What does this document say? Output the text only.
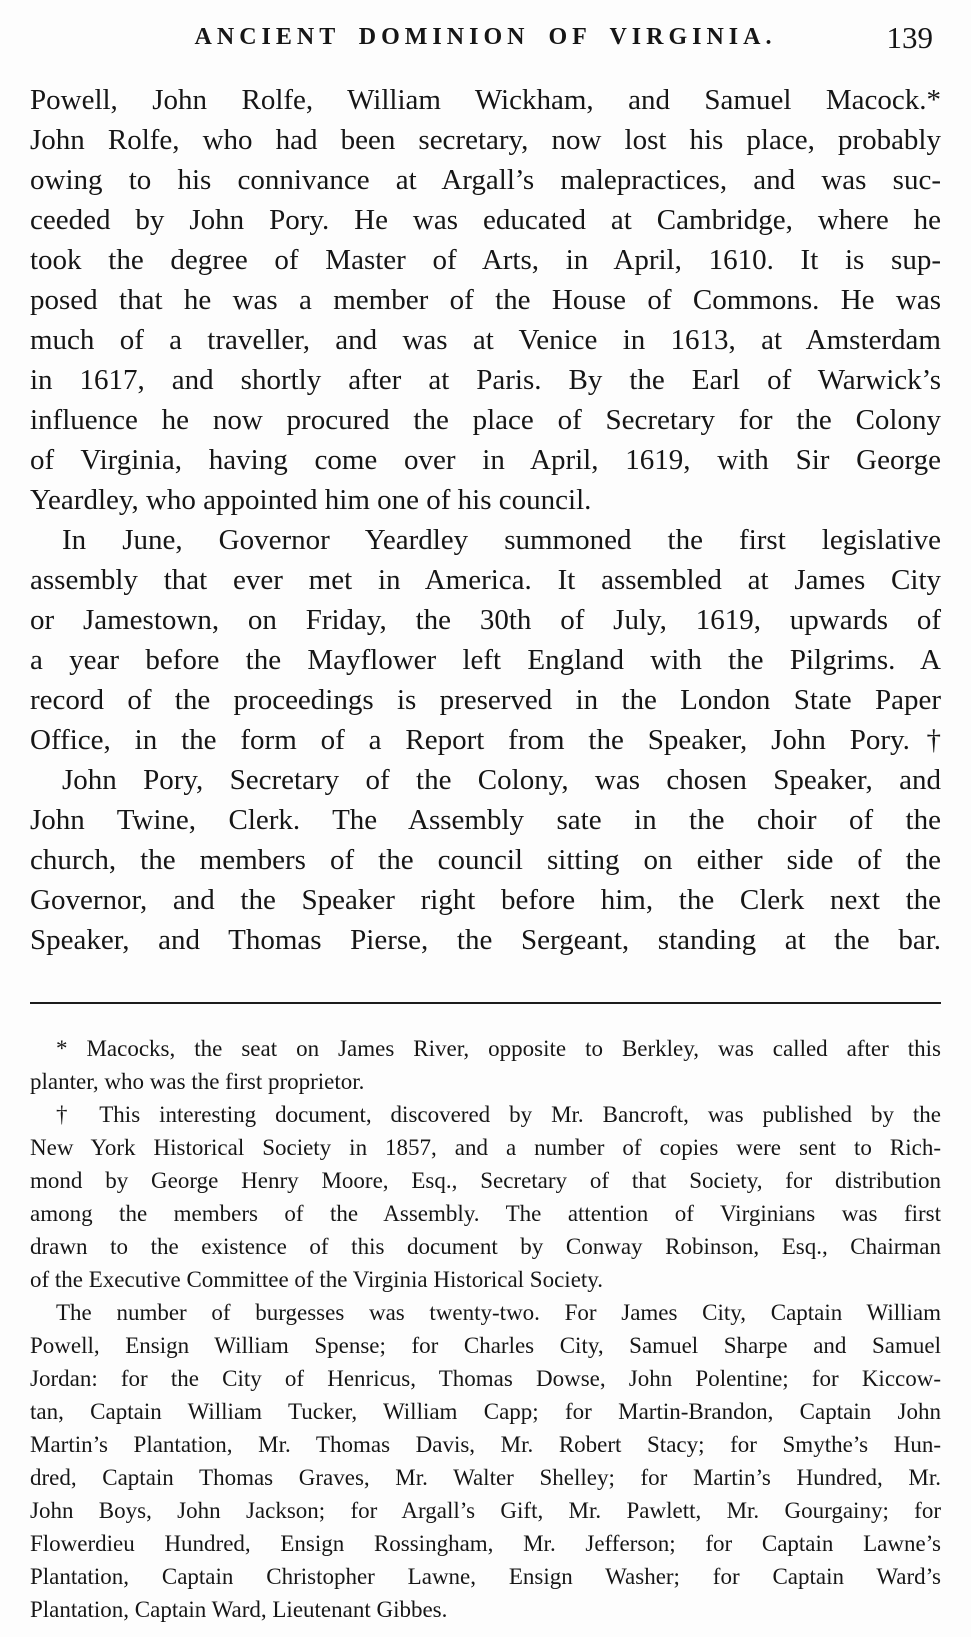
ANCIENT DOMINION OF VIRGINIA.	139
Powell, John Rolfe, William Wickham, and Samuel Macock.*
John Rolfe, who had been secretary, now lost his place, probably
owing to his connivance at Argall’s malepractices, and was suc-
ceeded by John Pory. He was educated at Cambridge, where he
took the degree of Master of Arts, in April, 1610. It is sup-
posed that he was a member of the House of Commons. He was
much of a traveller, and was at Venice in 1613, at Amsterdam
in 1617, and shortly after at Paris. By the Earl of Warwick’s
influence he now procured the place of Secretary for the Colony
of Virginia, having come over in April, 1619, with Sir George
Yeardley, who appointed him one of his council.
In June, Governor Yeardley summoned the first legislative
assembly that ever met in America. It assembled at James City
or Jamestown, on Friday, the 30th of July, 1619, upwards of
a year before the Mayflower left England with the Pilgrims. A
record of the proceedings is preserved in the London State Paper
Office, in the form of a Report from the Speaker, John Pory.†
John Pory, Secretary of the Colony, was chosen Speaker, and
John Twine, Clerk. The Assembly sate in the choir of the
church, the members of the council sitting on either side of the
Governor, and the Speaker right before him, the Clerk next the
Speaker, and Thomas Pierse, the Sergeant, standing at the bar.
* Macocks, the seat on James River, opposite to Berkley, was called after this
planter, who was the first proprietor.
† This interesting document, discovered by Mr. Bancroft, was published by the
New York Historical Society in 1857, and a number of copies were sent to Rich-
mond by George Henry Moore, Esq., Secretary of that Society, for distribution
among the members of the Assembly. The attention of Virginians was first
drawn to the existence of this document by Conway Robinson, Esq., Chairman
of the Executive Committee of the Virginia Historical Society.
The number of burgesses was twenty-two. For James City, Captain William
Powell, Ensign William Spense; for Charles City, Samuel Sharpe and Samuel
Jordan: for the City of Henricus, Thomas Dowse, John Polentine; for Kiccow-
tan, Captain William Tucker, William Capp; for Martin-Brandon, Captain John
Martin’s Plantation, Mr. Thomas Davis, Mr. Robert Stacy; for Smythe’s Hun-
dred, Captain Thomas Graves, Mr. Walter Shelley; for Martin’s Hundred, Mr.
John Boys, John Jackson; for Argall’s Gift, Mr. Pawlett, Mr. Gourgainy; for
Flowerdieu Hundred, Ensign Rossingham, Mr. Jefferson; for Captain Lawne’s
Plantation, Captain Christopher Lawne, Ensign Washer; for Captain Ward’s
Plantation, Captain Ward, Lieutenant Gibbes.
